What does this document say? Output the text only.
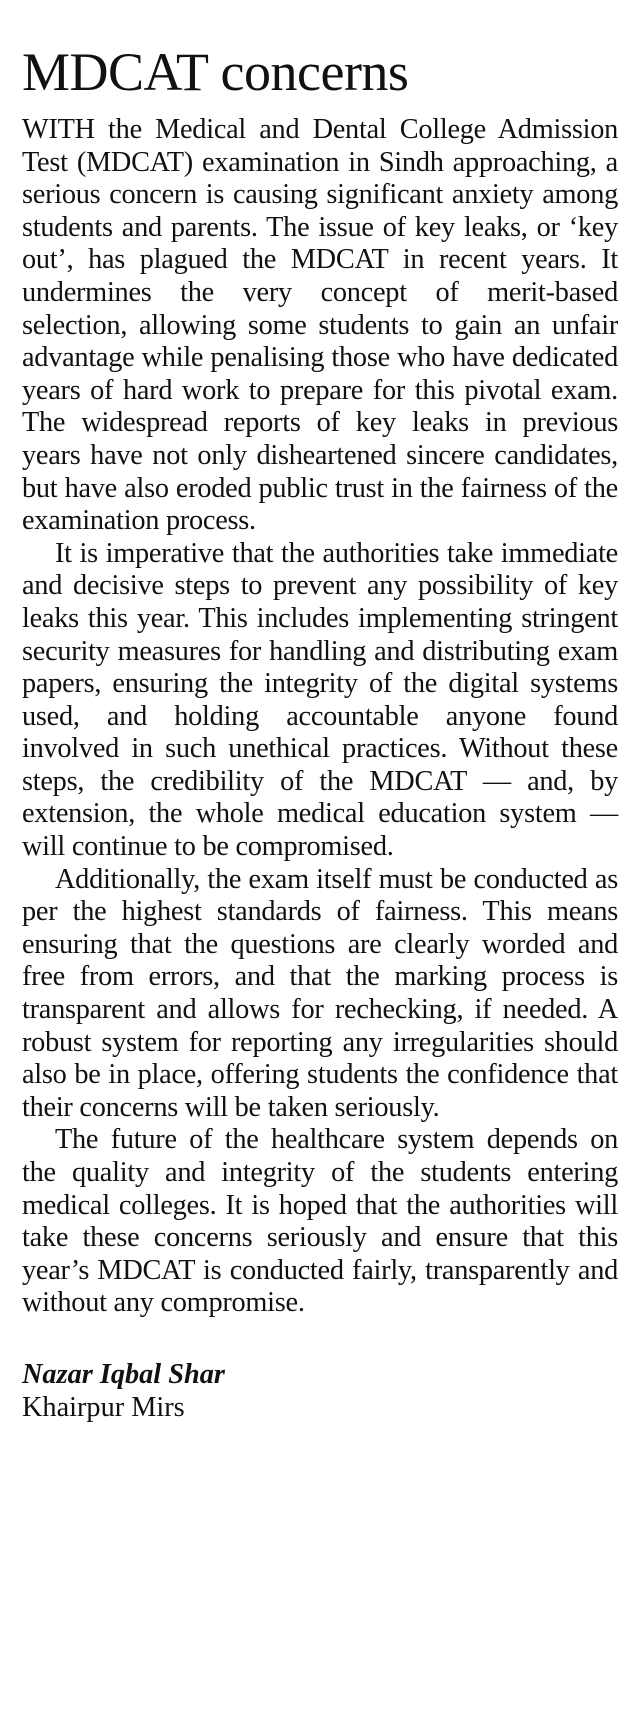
MDCAT concerns

WITH the Medical and Dental College Admission Test (MDCAT) examination in Sindh approaching, a serious concern is causing significant anxiety among students and parents. The issue of key leaks, or ‘key out’, has plagued the MDCAT in recent years. It undermines the very concept of merit-based selection, allowing some students to gain an unfair advantage while penalising those who have dedicated years of hard work to prepare for this pivotal exam. The widespread reports of key leaks in previous years have not only disheartened sincere candidates, but have also eroded public trust in the fairness of the examination process.

It is imperative that the authorities take immediate and decisive steps to prevent any possibility of key leaks this year. This includes implementing stringent security measures for handling and distributing exam papers, ensuring the integrity of the digital systems used, and holding accountable anyone found involved in such unethical practices. Without these steps, the credibility of the MDCAT — and, by extension, the whole medical education system — will continue to be compromised.

Additionally, the exam itself must be conducted as per the highest standards of fairness. This means ensuring that the questions are clearly worded and free from errors, and that the marking process is transparent and allows for rechecking, if needed. A robust system for reporting any irregularities should also be in place, offering students the confidence that their concerns will be taken seriously.

The future of the healthcare system depends on the quality and integrity of the students entering medical colleges. It is hoped that the authorities will take these concerns seriously and ensure that this year’s MDCAT is conducted fairly, transparently and without any compromise.

Nazar Iqbal Shar
Khairpur Mirs
